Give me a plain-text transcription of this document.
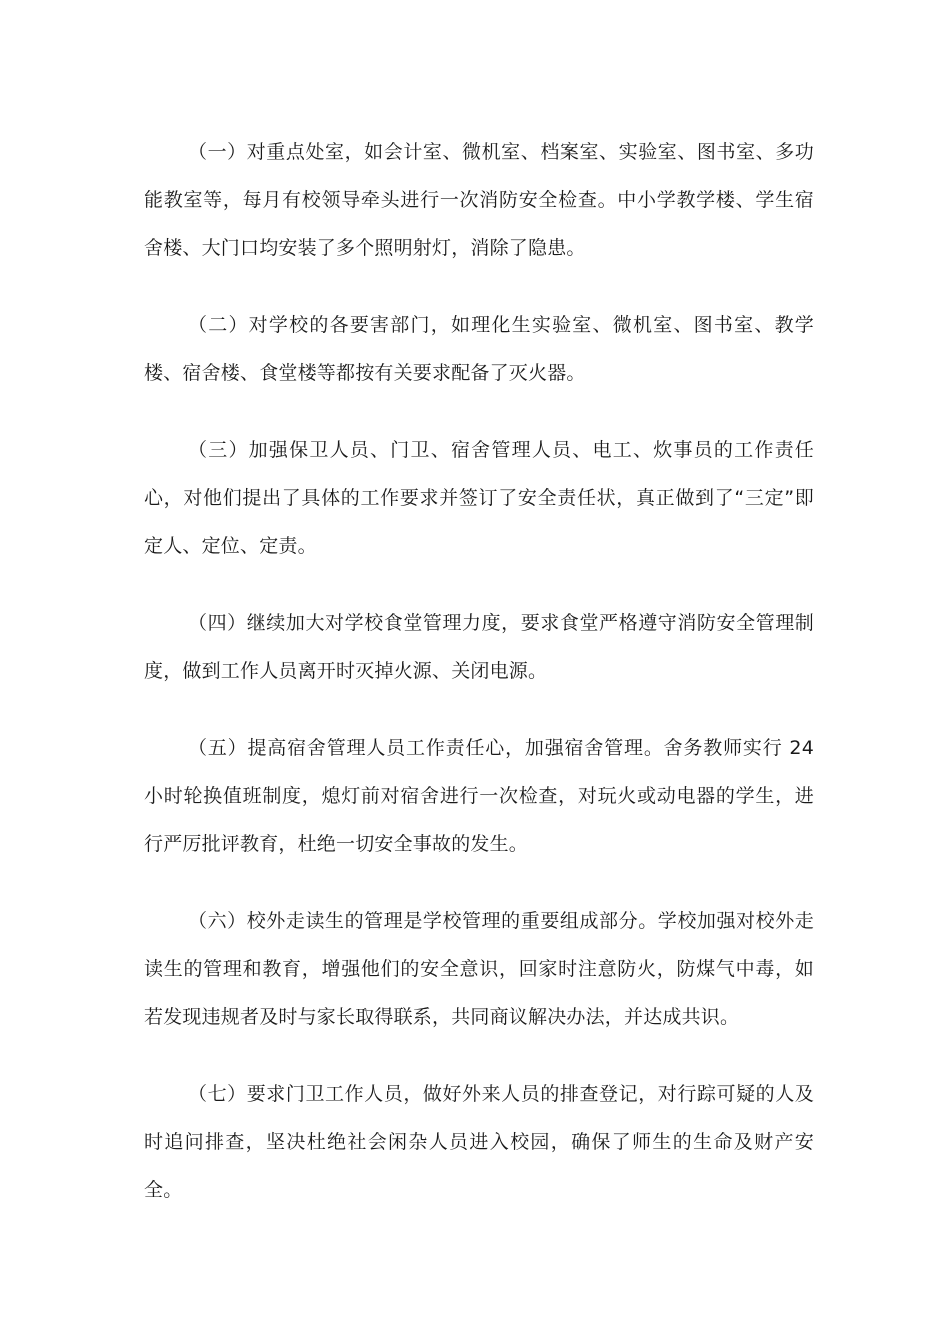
（一）对重点处室，如会计室、微机室、档案室、实验室、图书室、多功能教室等，每月有校领导牵头进行一次消防安全检查。中小学教学楼、学生宿舍楼、大门口均安装了多个照明射灯，消除了隐患。

（二）对学校的各要害部门，如理化生实验室、微机室、图书室、教学楼、宿舍楼、食堂楼等都按有关要求配备了灭火器。

（三）加强保卫人员、门卫、宿舍管理人员、电工、炊事员的工作责任心，对他们提出了具体的工作要求并签订了安全责任状，真正做到了“三定”即定人、定位、定责。

（四）继续加大对学校食堂管理力度，要求食堂严格遵守消防安全管理制度，做到工作人员离开时灭掉火源、关闭电源。

（五）提高宿舍管理人员工作责任心，加强宿舍管理。舍务教师实行 24 小时轮换值班制度，熄灯前对宿舍进行一次检查，对玩火或动电器的学生，进行严厉批评教育，杜绝一切安全事故的发生。

（六）校外走读生的管理是学校管理的重要组成部分。学校加强对校外走读生的管理和教育，增强他们的安全意识，回家时注意防火，防煤气中毒，如若发现违规者及时与家长取得联系，共同商议解决办法，并达成共识。

（七）要求门卫工作人员，做好外来人员的排查登记，对行踪可疑的人及时追问排查，坚决杜绝社会闲杂人员进入校园，确保了师生的生命及财产安全。
